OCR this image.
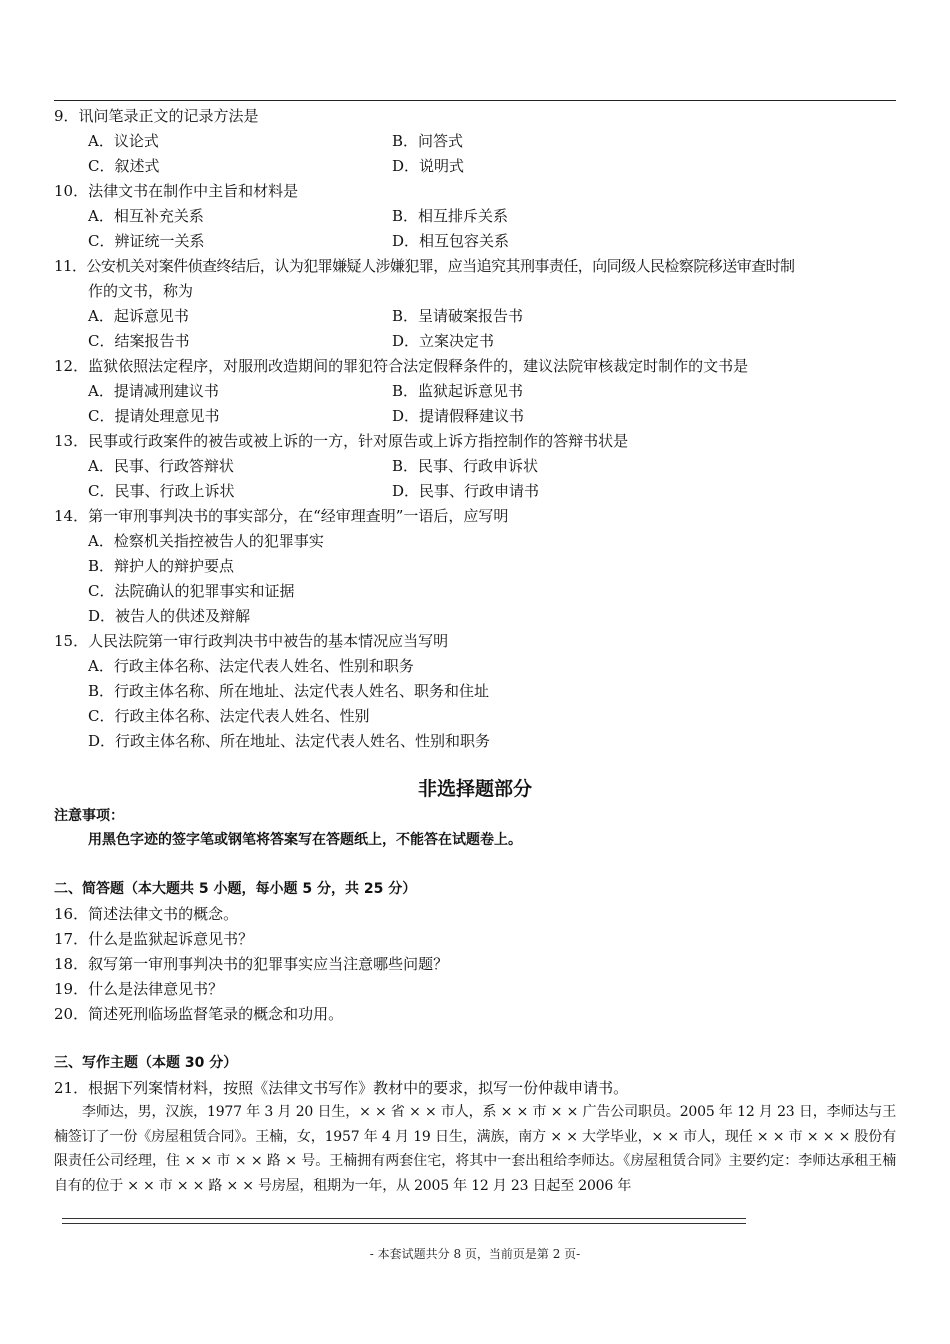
9．讯问笔录正文的记录方法是
A．议论式	B．问答式
C．叙述式	D．说明式
10．法律文书在制作中主旨和材料是
A．相互补充关系	B．相互排斥关系
C．辨证统一关系	D．相互包容关系
11．公安机关对案件侦查终结后，认为犯罪嫌疑人涉嫌犯罪，应当追究其刑事责任，向同级人民检察院移送审查时制
作的文书，称为
A．起诉意见书	B．呈请破案报告书
C．结案报告书	D．立案决定书
12．监狱依照法定程序，对服刑改造期间的罪犯符合法定假释条件的，建议法院审核裁定时制作的文书是
A．提请减刑建议书	B．监狱起诉意见书
C．提请处理意见书	D．提请假释建议书
13．民事或行政案件的被告或被上诉的一方，针对原告或上诉方指控制作的答辩书状是
A．民事、行政答辩状	B．民事、行政申诉状
C．民事、行政上诉状	D．民事、行政申请书
14．第一审刑事判决书的事实部分，在“经审理查明”一语后，应写明
A．检察机关指控被告人的犯罪事实
B．辩护人的辩护要点
C．法院确认的犯罪事实和证据
D．被告人的供述及辩解
15．人民法院第一审行政判决书中被告的基本情况应当写明
A．行政主体名称、法定代表人姓名、性别和职务
B．行政主体名称、所在地址、法定代表人姓名、职务和住址
C．行政主体名称、法定代表人姓名、性别
D．行政主体名称、所在地址、法定代表人姓名、性别和职务
非选择题部分
注意事项：
用黑色字迹的签字笔或钢笔将答案写在答题纸上，不能答在试题卷上。
二、简答题（本大题共 5 小题，每小题 5 分，共 25 分）
16．简述法律文书的概念。
17．什么是监狱起诉意见书？
18．叙写第一审刑事判决书的犯罪事实应当注意哪些问题？
19．什么是法律意见书？
20．简述死刑临场监督笔录的概念和功用。
三、写作主题（本题 30 分）
21．根据下列案情材料，按照《法律文书写作》教材中的要求，拟写一份仲裁申请书。
李师达，男，汉族，1977 年 3 月 20 日生，× × 省 × × 市人，系 × × 市 × × 广告公司职员。2005 年 12 月 23 日，李师达与王楠签订了一份《房屋租赁合同》。王楠，女，1957 年 4 月 19 日生，满族，南方 × × 大学毕业，× × 市人，现任 × × 市 × × × 股份有限责任公司经理，住 × × 市 × × 路 × 号。王楠拥有两套住宅，将其中一套出租给李师达。《房屋租赁合同》主要约定：李师达承租王楠自有的位于 × × 市 × × 路 × × 号房屋，租期为一年，从 2005 年 12 月 23 日起至 2006 年
- 本套试题共分 8 页，当前页是第 2 页-
